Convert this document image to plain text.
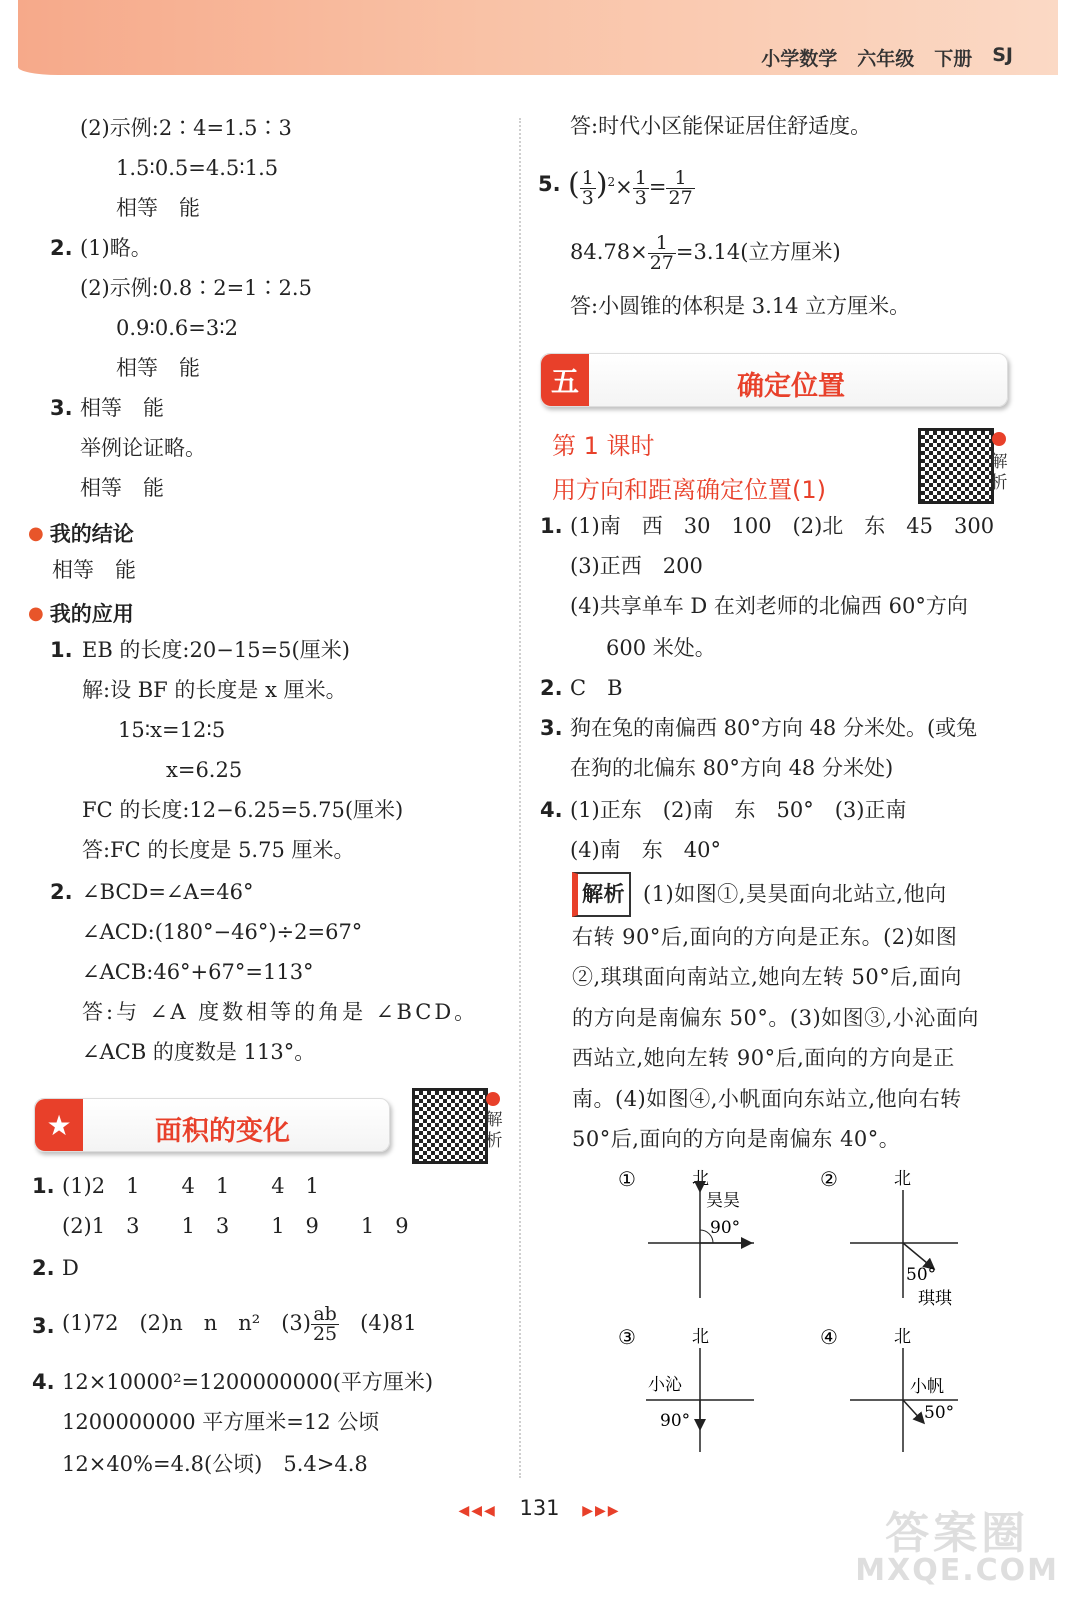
小学数学 六年级 下册 SJ
(2)示例:2∶4=1.5∶3
1.5∶0.5=4.5∶1.5
相等　能
2. (1)略。
(2)示例:0.8∶2=1∶2.5
0.9∶0.6=3∶2
相等　能
3. 相等　能
举例论证略。
相等　能
● 我的结论
相等　能
● 我的应用
1. EB 的长度:20−15=5(厘米)
解:设 BF 的长度是 x 厘米。
15∶x=12∶5
x=6.25
FC 的长度:12−6.25=5.75(厘米)
答:FC 的长度是 5.75 厘米。
2. ∠BCD=∠A=46°
∠ACD:(180°−46°)÷2=67°
∠ACB:46°+67°=113°
答:与 ∠A 度数相等的角是 ∠BCD。
∠ACB 的度数是 113°。
★	面积的变化	解析
1. (1)2　1　　4　1　　4　1
(2)1　3　　1　3　　1　9　　1　9
2. D
3. (1)72　(2)n　n　n²　$(3) \frac{ab}{25}$
　 (4)81
4. 12×10000²=1200000000(平方厘米)
1200000000 平方厘米=12 公顷
12×40%=4.8(公顷)　5.4>4.8
答:时代小区能保证居住舒适度。
5. ( $\frac{1}{3} )^2\times \frac{1}{3} = \frac{1}{27}$
$84.78\times \frac{1}{27} =3.14$(立方厘米)
答:小圆锥的体积是 3.14 立方厘米。
五	确定位置
第 1 课时
用方向和距离确定位置(1)
解析
1. (1)南　西　30　100　(2)北　东　45　300
(3)正西　200
(4)共享单车 D 在刘老师的北偏西 60°方向
600 米处。
2. C　B
3. 狗在兔的南偏西 80°方向 48 分米处。(或兔
在狗的北偏东 80°方向 48 分米处)
4. (1)正东　(2)南　东　50°　(3)正南
(4)南　东　40°
解析 (1)如图①,昊昊面向北站立,他向
右转 90°后,面向的方向是正东。(2)如图
②,琪琪面向南站立,她向左转 50°后,面向
的方向是南偏东 50°。(3)如图③,小沁面向
西站立,她向左转 90°后,面向的方向是正
南。(4)如图④,小帆面向东站立,他向右转
50°后,面向的方向是南偏东 40°。
①	北
昊昊
90°
②	北
50°
琪琪
③	北
小沁
90°
④	北
小帆
50°
◀◀◀ 131 ▶▶▶	答案圈
MXQE.COM
